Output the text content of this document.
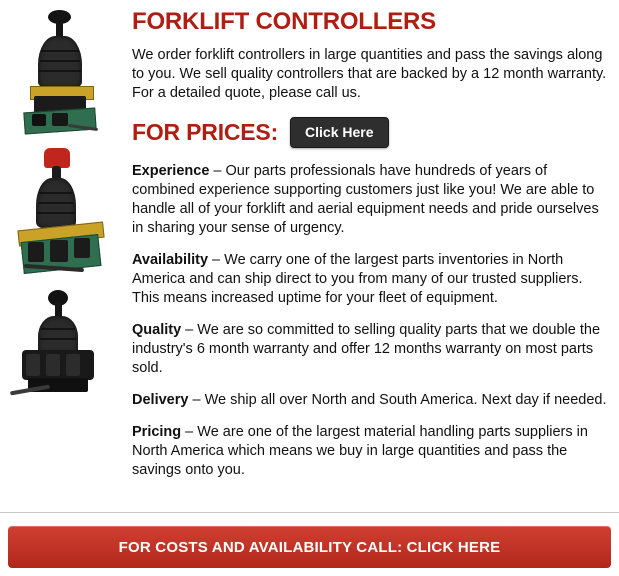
FORKLIFT CONTROLLERS

We order forklift controllers in large quantities and pass the savings along to you. We sell quality controllers that are backed by a 12 month warranty. For a detailed quote, please call us.

FOR PRICES:	Click Here

Experience – Our parts professionals have hundreds of years of combined experience supporting customers just like you! We are able to handle all of your forklift and aerial equipment needs and pride ourselves in sharing your sense of urgency.

Availability – We carry one of the largest parts inventories in North America and can ship direct to you from many of our trusted suppliers. This means increased uptime for your fleet of equipment.

Quality – We are so committed to selling quality parts that we double the industry's 6 month warranty and offer 12 months warranty on most parts sold.

Delivery – We ship all over North and South America. Next day if needed.

Pricing – We are one of the largest material handling parts suppliers in North America which means we buy in large quantities and pass the savings onto you.

FOR COSTS AND AVAILABILITY CALL: CLICK HERE
